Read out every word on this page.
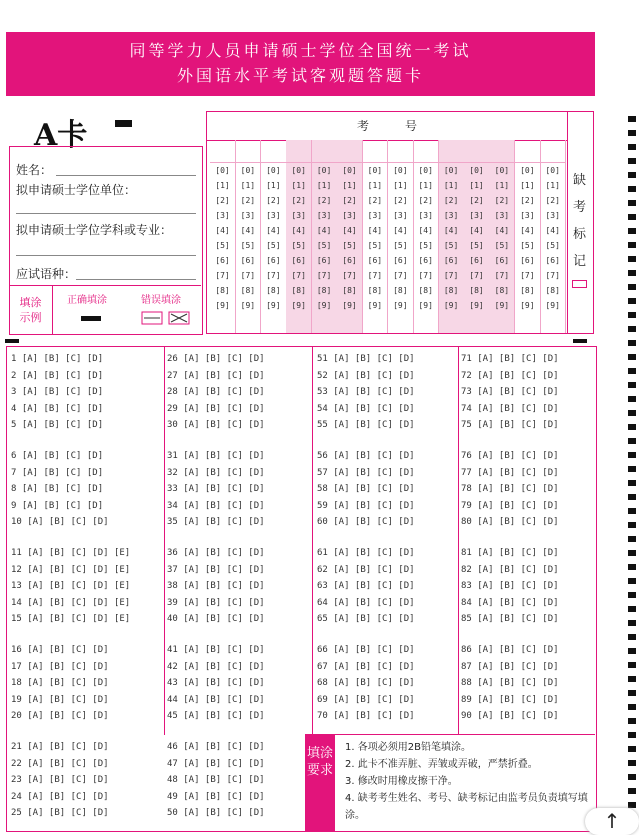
同等学力人员申请硕士学位全国统一考试
外国语水平考试客观题答题卡
A卡
姓名：
拟申请硕士学位单位：
拟申请硕士学位学科或专业：
应试语种：
填涂
示例
正确填涂	错误填涂
考　　　号
[0]
[1]
[2]
[3]
[4]
[5]
[6]
[7]
[8]
[9]
[0]
[1]
[2]
[3]
[4]
[5]
[6]
[7]
[8]
[9]
[0]
[1]
[2]
[3]
[4]
[5]
[6]
[7]
[8]
[9]
[0]
[1]
[2]
[3]
[4]
[5]
[6]
[7]
[8]
[9]
[0]
[1]
[2]
[3]
[4]
[5]
[6]
[7]
[8]
[9]
[0]
[1]
[2]
[3]
[4]
[5]
[6]
[7]
[8]
[9]
[0]
[1]
[2]
[3]
[4]
[5]
[6]
[7]
[8]
[9]
[0]
[1]
[2]
[3]
[4]
[5]
[6]
[7]
[8]
[9]
[0]
[1]
[2]
[3]
[4]
[5]
[6]
[7]
[8]
[9]
[0]
[1]
[2]
[3]
[4]
[5]
[6]
[7]
[8]
[9]
[0]
[1]
[2]
[3]
[4]
[5]
[6]
[7]
[8]
[9]
[0]
[1]
[2]
[3]
[4]
[5]
[6]
[7]
[8]
[9]
[0]
[1]
[2]
[3]
[4]
[5]
[6]
[7]
[8]
[9]
[0]
[1]
[2]
[3]
[4]
[5]
[6]
[7]
[8]
[9]
缺
考
标
记
1 [A] [B] [C] [D]
2 [A] [B] [C] [D]
3 [A] [B] [C] [D]
4 [A] [B] [C] [D]
5 [A] [B] [C] [D]
6 [A] [B] [C] [D]
7 [A] [B] [C] [D]
8 [A] [B] [C] [D]
9 [A] [B] [C] [D]
10 [A] [B] [C] [D]
11 [A] [B] [C] [D] [E]
12 [A] [B] [C] [D] [E]
13 [A] [B] [C] [D] [E]
14 [A] [B] [C] [D] [E]
15 [A] [B] [C] [D] [E]
16 [A] [B] [C] [D]
17 [A] [B] [C] [D]
18 [A] [B] [C] [D]
19 [A] [B] [C] [D]
20 [A] [B] [C] [D]
21 [A] [B] [C] [D]
22 [A] [B] [C] [D]
23 [A] [B] [C] [D]
24 [A] [B] [C] [D]
25 [A] [B] [C] [D]
26 [A] [B] [C] [D]
27 [A] [B] [C] [D]
28 [A] [B] [C] [D]
29 [A] [B] [C] [D]
30 [A] [B] [C] [D]
31 [A] [B] [C] [D]
32 [A] [B] [C] [D]
33 [A] [B] [C] [D]
34 [A] [B] [C] [D]
35 [A] [B] [C] [D]
36 [A] [B] [C] [D]
37 [A] [B] [C] [D]
38 [A] [B] [C] [D]
39 [A] [B] [C] [D]
40 [A] [B] [C] [D]
41 [A] [B] [C] [D]
42 [A] [B] [C] [D]
43 [A] [B] [C] [D]
44 [A] [B] [C] [D]
45 [A] [B] [C] [D]
46 [A] [B] [C] [D]
47 [A] [B] [C] [D]
48 [A] [B] [C] [D]
49 [A] [B] [C] [D]
50 [A] [B] [C] [D]
51 [A] [B] [C] [D]
52 [A] [B] [C] [D]
53 [A] [B] [C] [D]
54 [A] [B] [C] [D]
55 [A] [B] [C] [D]
56 [A] [B] [C] [D]
57 [A] [B] [C] [D]
58 [A] [B] [C] [D]
59 [A] [B] [C] [D]
60 [A] [B] [C] [D]
61 [A] [B] [C] [D]
62 [A] [B] [C] [D]
63 [A] [B] [C] [D]
64 [A] [B] [C] [D]
65 [A] [B] [C] [D]
66 [A] [B] [C] [D]
67 [A] [B] [C] [D]
68 [A] [B] [C] [D]
69 [A] [B] [C] [D]
70 [A] [B] [C] [D]
71 [A] [B] [C] [D]
72 [A] [B] [C] [D]
73 [A] [B] [C] [D]
74 [A] [B] [C] [D]
75 [A] [B] [C] [D]
76 [A] [B] [C] [D]
77 [A] [B] [C] [D]
78 [A] [B] [C] [D]
79 [A] [B] [C] [D]
80 [A] [B] [C] [D]
81 [A] [B] [C] [D]
82 [A] [B] [C] [D]
83 [A] [B] [C] [D]
84 [A] [B] [C] [D]
85 [A] [B] [C] [D]
86 [A] [B] [C] [D]
87 [A] [B] [C] [D]
88 [A] [B] [C] [D]
89 [A] [B] [C] [D]
90 [A] [B] [C] [D]
填涂要求
1. 各项必须用2B铅笔填涂。
2. 此卡不准弄脏、弄皱或弄破，严禁折叠。
3. 修改时用橡皮擦干净。
4. 缺考考生姓名、考号、缺考标记由监考员负责填写填涂。	↑
